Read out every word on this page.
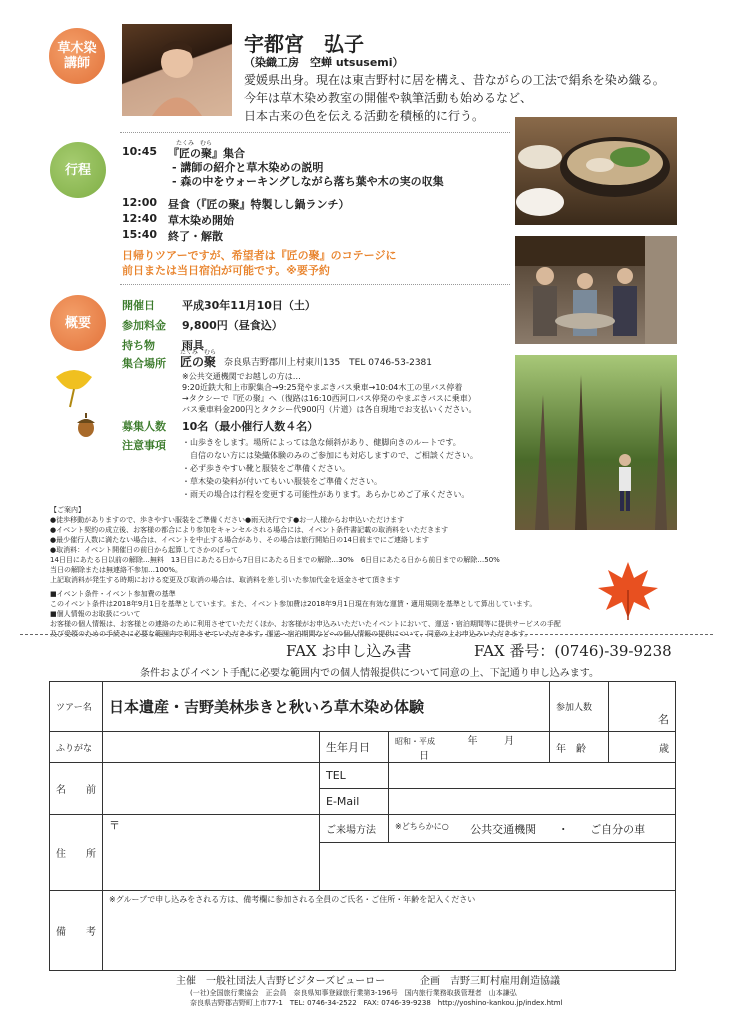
草木染
講師
宇都宮　弘子
（染織工房　空蝉 utsusemi）
愛媛県出身。現在は東吉野村に居を構え、昔ながらの工法で絹糸を染め織る。
今年は草木染め教室の開催や執筆活動も始めるなど、
日本古来の色を伝える活動を積極的に行う。
行程
たくみ　むら
10:45 『匠の聚』集合
- 講師の紹介と草木染めの説明
- 森の中をウォーキングしながら落ち葉や木の実の収集
12:00 昼食（『匠の聚』特製しし鍋ランチ）
12:40 草木染め開始
15:40 終了・解散
日帰りツアーですが、希望者は『匠の聚』のコテージに
前日または当日宿泊が可能です。※要予約
概要
開催日 平成30年11月10日（土）
参加料金 9,800円（昼食込）
持ち物 雨具
集合場所
たくみ　むら
匠の聚 奈良県吉野郡川上村東川135　TEL 0746-53-2381
※公共交通機関でお越しの方は…
9:20近鉄大和上市駅集合→9:25発やまぶきバス乗車→10:04木工の里バス停着
→タクシーで『匠の聚』へ（復路は16:10西河口バス停発のやまぶきバスに乗車）
バス乗車料金200円とタクシー代900円（片道）は各自現地でお支払いください。
募集人数 10名（最小催行人数４名）
注意事項 ・山歩きをします。場所によっては急な傾斜があり、健脚向きのルートです。
　自信のない方には染織体験のみのご参加にも対応しますので、ご相談ください。
・必ず歩きやすい靴と服装をご準備ください。
・草木染の染料が付いてもいい服装をご準備ください。
・雨天の場合は行程を変更する可能性があります。あらかじめご了承ください。
【ご案内】
●徒歩移動がありますので、歩きやすい服装をご準備ください●雨天決行です●お一人様からお申込いただけます
●イベント契約の成立後、お客様の都合により参加をキャンセルされる場合には、イベント条件書記載の取消料をいただきます
●最少催行人数に満たない場合は、イベントを中止する場合があり、その場合は旅行開始日の14日前までにご連絡します
●取消料：イベント開催日の前日から起算してさかのぼって
14日目にあたる日以前の解除…無料　13日目にあたる日から7日目にあたる日までの解除…30%　6日目にあたる日から前日までの解除…50%
当日の解除または無連絡不参加…100%。
上記取消料が発生する時期における変更及び取消の場合は、取消料を差し引いた参加代金を返金させて頂きます
■イベント条件・イベント参加費の基準
このイベント条件は2018年9月1日を基準としています。また、イベント参加費は2018年9月1日現在有効な運賃・適用規則を基準として算出しています。
■個人情報のお取扱について
お客様の個人情報は、お客様との連絡のために利用させていただくほか、お客様がお申込みいただいたイベントにおいて、運送・宿泊期間等に提供サービスの手配
及び受領のための手続きに必要な範囲内で利用させていただきます。運送・宿泊期間などへの個人情報の提供について、同意の上お申込みいただきます。
FAX お申し込み書	FAX 番号：(0746)-39-9238
条件およびイベント手配に必要な範囲内での個人情報提供について同意の上、下記通り申し込みます。
ツアー名	日本遺産・吉野美林歩きと秋いろ草木染め体験			参加人数	名
ふりがな		生年月日	昭和・平成 年 月 日	年　齢	歳
名　　前		TEL			
		E-Mail			
住　　所	〒	ご来場方法	$^{※どちらかに○}$ 公共交通機関 ・ ご自分の車		

備　　考	※グループで申し込みをされる方は、備考欄に参加される全員のご氏名・ご住所・年齢を記入ください				
主催　一般社団法人吉野ビジターズビューロー	企画　吉野三町村雇用創造協議
(一社)全国旅行業協会　正会員　奈良県知事登録旅行業第3-196号　国内旅行業務取扱管理者　山本謙弘
奈良県吉野郡吉野町上市77-1　TEL: 0746-34-2522　FAX: 0746-39-9238　http://yoshino-kankou.jp/index.html
